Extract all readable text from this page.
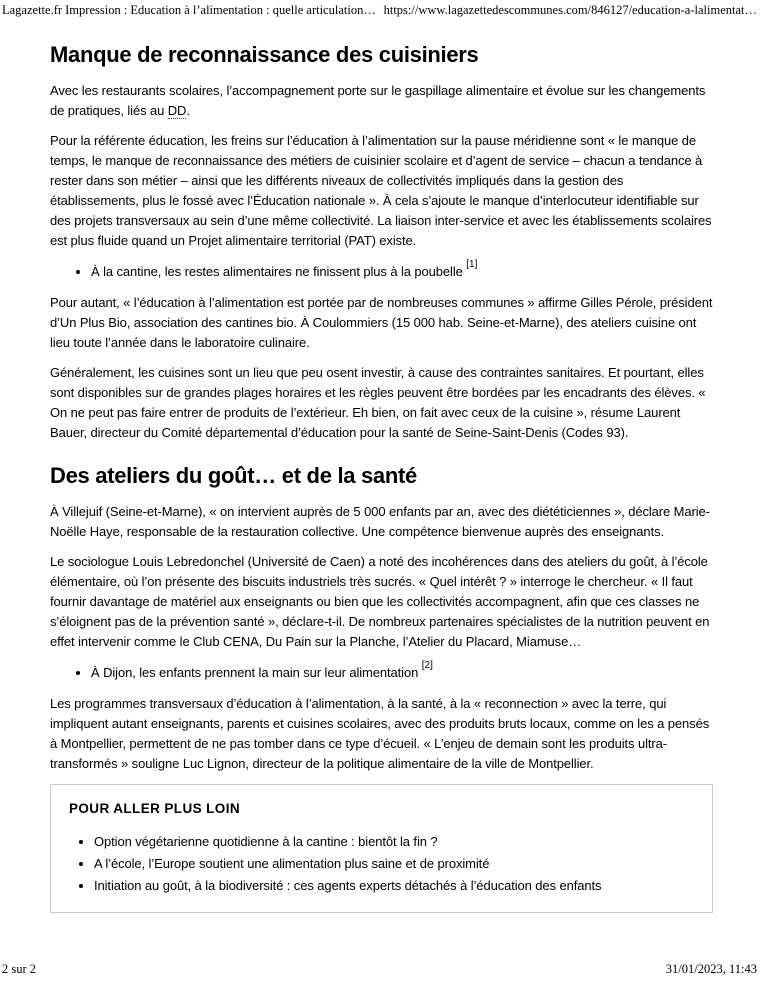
Lagazette.fr Impression : Education à l’alimentation : quelle articulation… https://www.lagazettedescommunes.com/846127/education-a-lalimentat…
Manque de reconnaissance des cuisiniers

Avec les restaurants scolaires, l’accompagnement porte sur le gaspillage alimentaire et évolue sur les changements de pratiques, liés au DD.

Pour la référente éducation, les freins sur l’éducation à l’alimentation sur la pause méridienne sont « le manque de temps, le manque de reconnaissance des métiers de cuisinier scolaire et d’agent de service – chacun a tendance à rester dans son métier – ainsi que les différents niveaux de collectivités impliqués dans la gestion des établissements, plus le fossé avec l’Éducation nationale ». À cela s’ajoute le manque d’interlocuteur identifiable sur des projets transversaux au sein d’une même collectivité. La liaison inter-service et avec les établissements scolaires est plus fluide quand un Projet alimentaire territorial (PAT) existe.

• À la cantine, les restes alimentaires ne finissent plus à la poubelle [1]

Pour autant, « l’éducation à l’alimentation est portée par de nombreuses communes » affirme Gilles Pérole, président d’Un Plus Bio, association des cantines bio. À Coulommiers (15 000 hab. Seine-et-Marne), des ateliers cuisine ont lieu toute l’année dans le laboratoire culinaire.

Généralement, les cuisines sont un lieu que peu osent investir, à cause des contraintes sanitaires. Et pourtant, elles sont disponibles sur de grandes plages horaires et les règles peuvent être bordées par les encadrants des élèves. « On ne peut pas faire entrer de produits de l’extérieur. Eh bien, on fait avec ceux de la cuisine », résume Laurent Bauer, directeur du Comité départemental d’éducation pour la santé de Seine-Saint-Denis (Codes 93).

Des ateliers du goût… et de la santé

À Villejuif (Seine-et-Marne), « on intervient auprès de 5 000 enfants par an, avec des diététiciennes », déclare Marie-Noëlle Haye, responsable de la restauration collective. Une compétence bienvenue auprès des enseignants.

Le sociologue Louis Lebredonchel (Université de Caen) a noté des incohérences dans des ateliers du goût, à l’école élémentaire, où l’on présente des biscuits industriels très sucrés. « Quel intérêt ? » interroge le chercheur. « Il faut fournir davantage de matériel aux enseignants ou bien que les collectivités accompagnent, afin que ces classes ne s’éloignent pas de la prévention santé », déclare-t-il. De nombreux partenaires spécialistes de la nutrition peuvent en effet intervenir comme le Club CENA, Du Pain sur la Planche, l’Atelier du Placard, Miamuse…

• À Dijon, les enfants prennent la main sur leur alimentation [2]

Les programmes transversaux d’éducation à l’alimentation, à la santé, à la « reconnection » avec la terre, qui impliquent autant enseignants, parents et cuisines scolaires, avec des produits bruts locaux, comme on les a pensés à Montpellier, permettent de ne pas tomber dans ce type d’écueil. « L’enjeu de demain sont les produits ultra-transformés » souligne Luc Lignon, directeur de la politique alimentaire de la ville de Montpellier.

POUR ALLER PLUS LOIN
• Option végétarienne quotidienne à la cantine : bientôt la fin ?
• A l’école, l’Europe soutient une alimentation plus saine et de proximité
• Initiation au goût, à la biodiversité : ces agents experts détachés à l’éducation des enfants
2 sur 2	31/01/2023, 11:43
